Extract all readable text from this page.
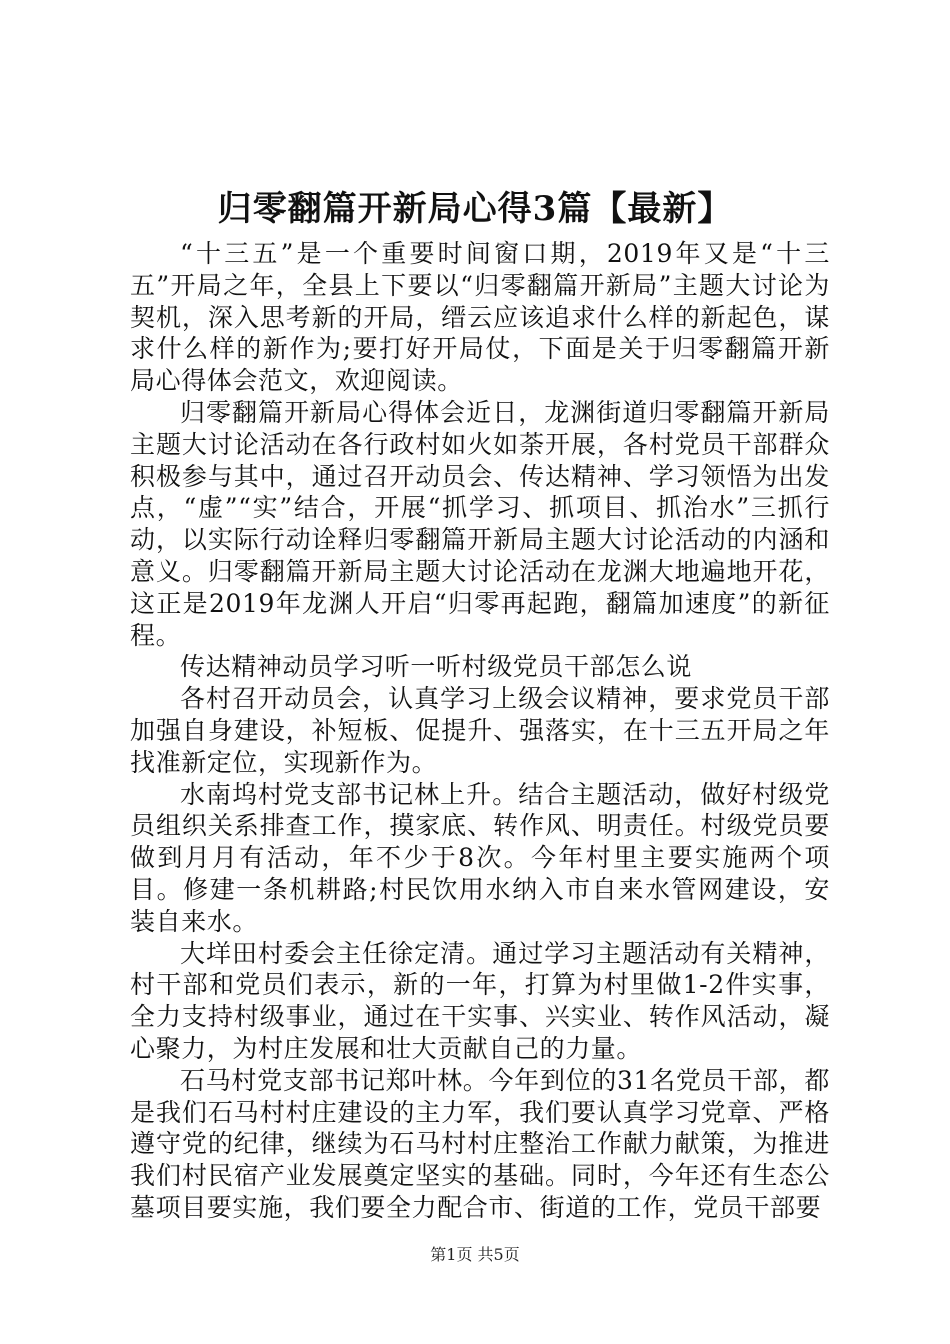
归零翻篇开新局心得3篇【最新】

“十三五”是一个重要时间窗口期，2019年又是“十三五”开局之年，全县上下要以“归零翻篇开新局”主题大讨论为契机，深入思考新的开局，缙云应该追求什么样的新起色，谋求什么样的新作为;要打好开局仗，下面是关于归零翻篇开新局心得体会范文，欢迎阅读。

归零翻篇开新局心得体会近日，龙渊街道归零翻篇开新局主题大讨论活动在各行政村如火如荼开展，各村党员干部群众积极参与其中，通过召开动员会、传达精神、学习领悟为出发点，“虚”“实”结合，开展“抓学习、抓项目、抓治水”三抓行动，以实际行动诠释归零翻篇开新局主题大讨论活动的内涵和意义。归零翻篇开新局主题大讨论活动在龙渊大地遍地开花，这正是2019年龙渊人开启“归零再起跑，翻篇加速度”的新征程。

传达精神动员学习听一听村级党员干部怎么说

各村召开动员会，认真学习上级会议精神，要求党员干部加强自身建设，补短板、促提升、强落实，在十三五开局之年找准新定位，实现新作为。

水南坞村党支部书记林上升。结合主题活动，做好村级党员组织关系排查工作，摸家底、转作风、明责任。村级党员要做到月月有活动，年不少于8次。今年村里主要实施两个项目。修建一条机耕路;村民饮用水纳入市自来水管网建设，安装自来水。

大垟田村委会主任徐定清。通过学习主题活动有关精神，村干部和党员们表示，新的一年，打算为村里做1-2件实事，全力支持村级事业，通过在干实事、兴实业、转作风活动，凝心聚力，为村庄发展和壮大贡献自己的力量。

石马村党支部书记郑叶林。今年到位的31名党员干部，都是我们石马村村庄建设的主力军，我们要认真学习党章、严格遵守党的纪律，继续为石马村村庄整治工作献力献策，为推进我们村民宿产业发展奠定坚实的基础。同时，今年还有生态公墓项目要实施，我们要全力配合市、街道的工作，党员干部要

第1页 共5页
